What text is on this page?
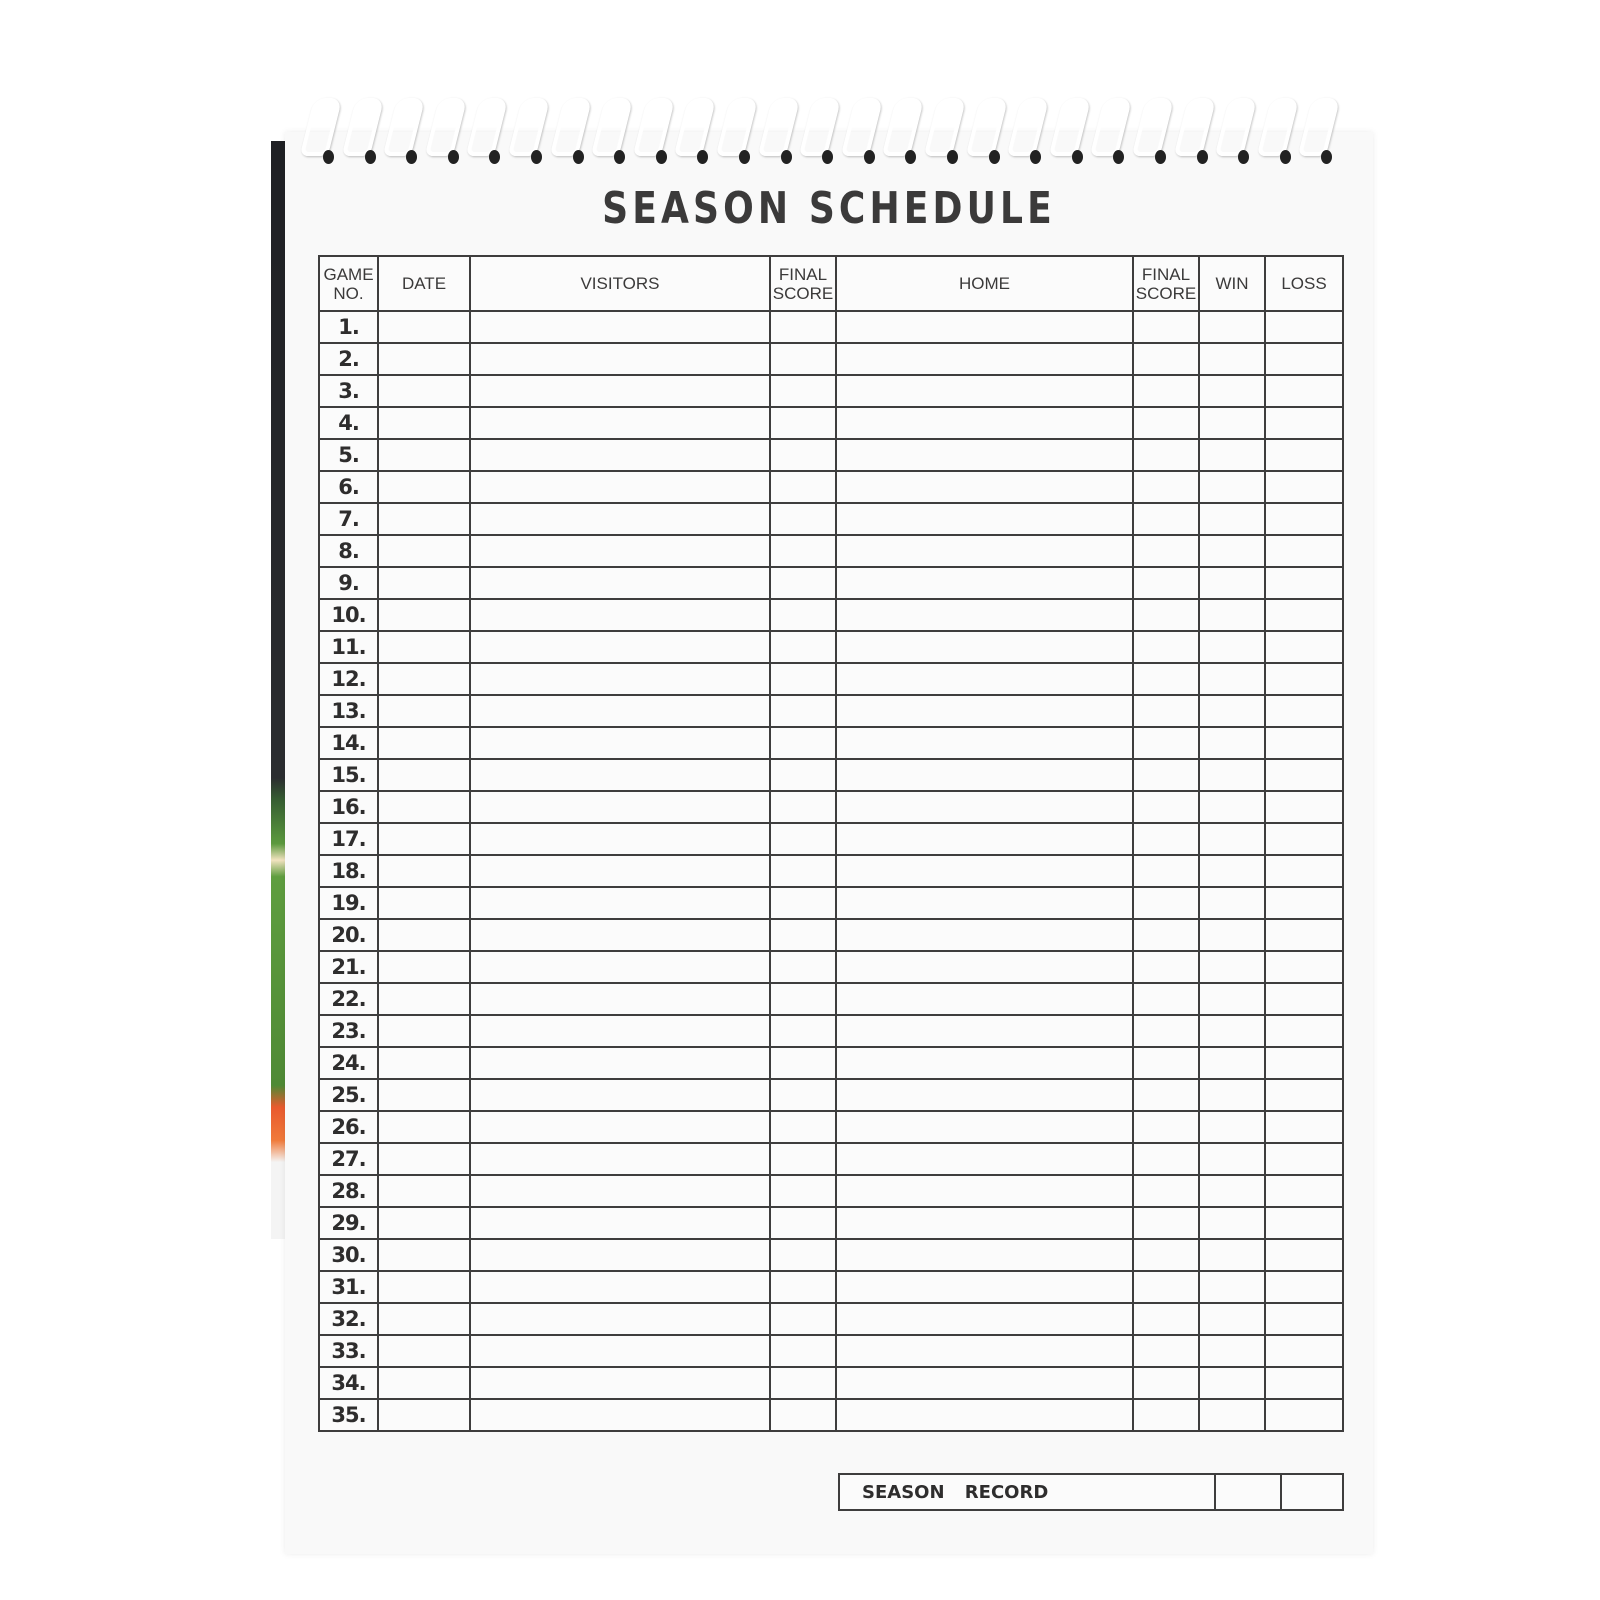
SEASON SCHEDULE
GAME NO.	DATE	VISITORS	FINAL SCORE	HOME	FINAL SCORE	WIN	LOSS
1.							
2.							
3.							
4.							
5.							
6.							
7.							
8.							
9.							
10.							
11.							
12.							
13.							
14.							
15.							
16.							
17.							
18.							
19.							
20.							
21.							
22.							
23.							
24.							
25.							
26.							
27.							
28.							
29.							
30.							
31.							
32.							
33.							
34.							
35.							
SEASON RECORD		
